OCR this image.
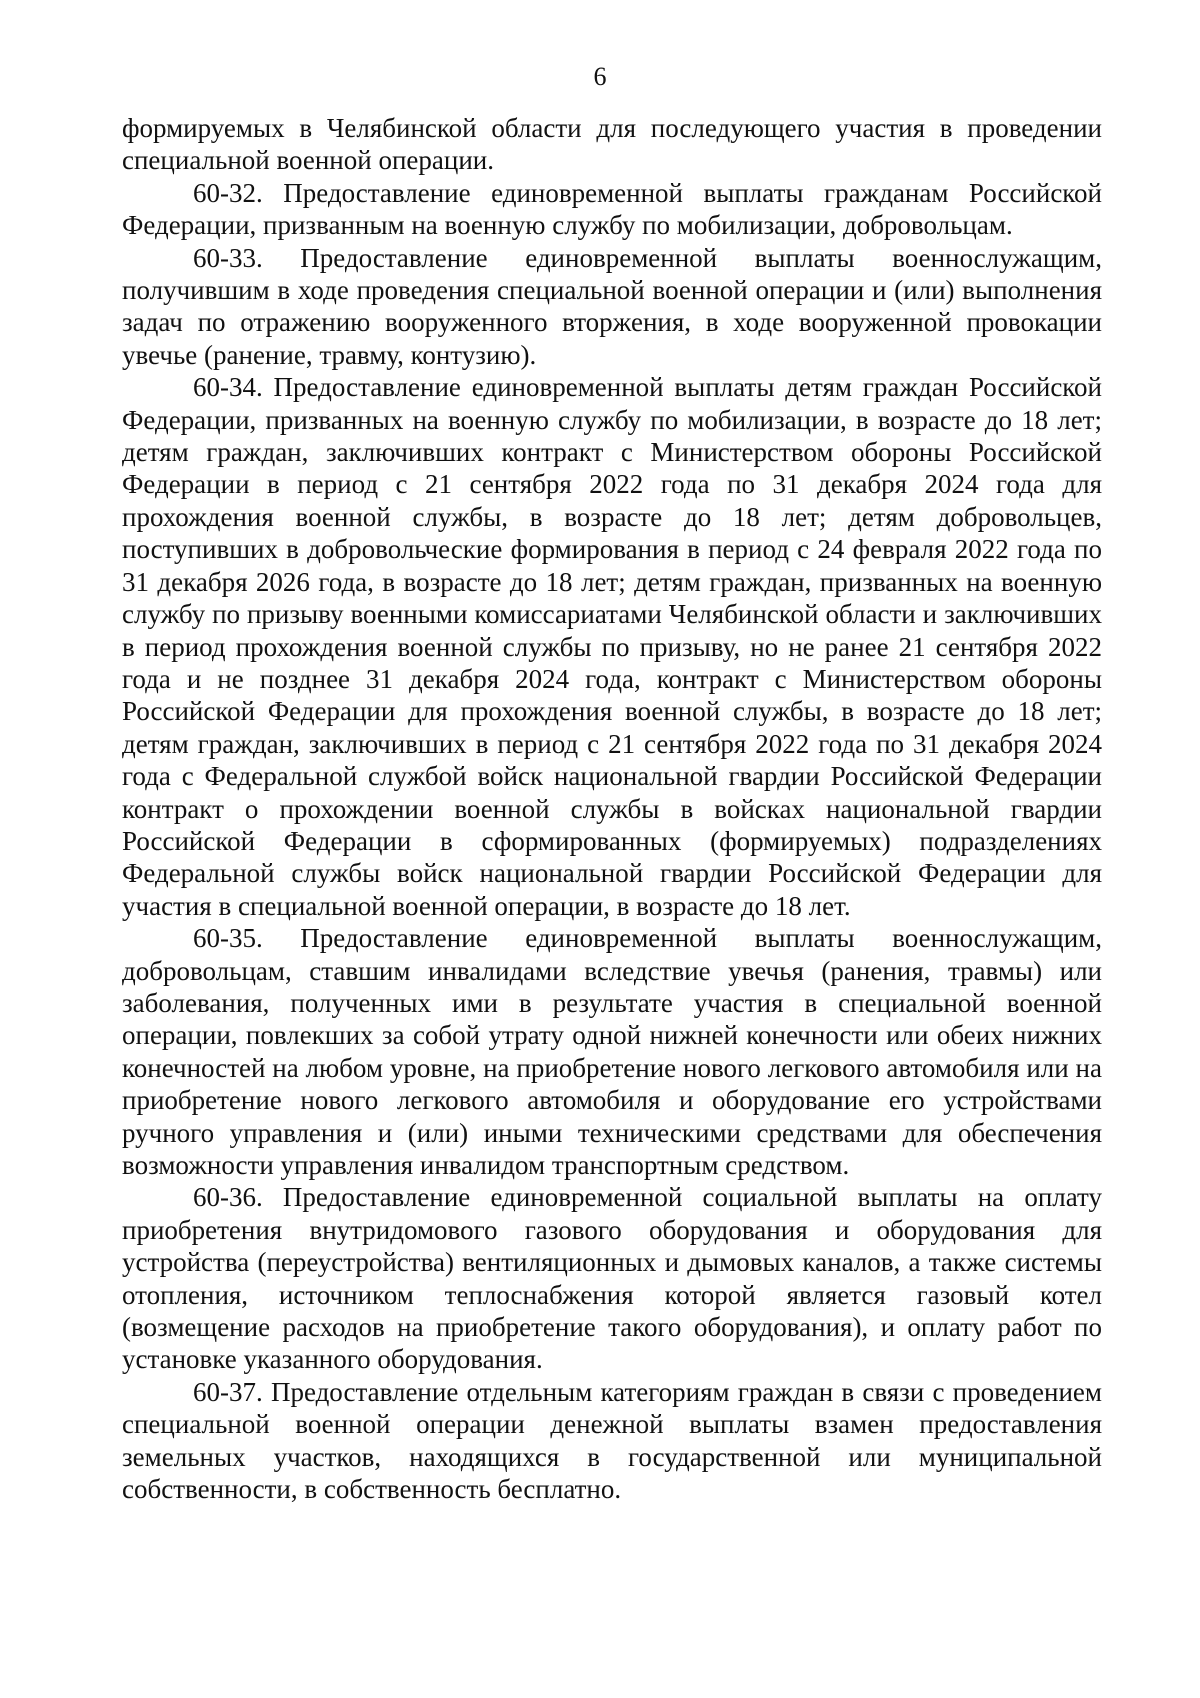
6

формируемых в Челябинской области для последующего участия в проведении специальной военной операции.

60-32. Предоставление единовременной выплаты гражданам Российской Федерации, призванным на военную службу по мобилизации, добровольцам.

60-33. Предоставление единовременной выплаты военнослужащим, получившим в ходе проведения специальной военной операции и (или) выполнения задач по отражению вооруженного вторжения, в ходе вооруженной провокации увечье (ранение, травму, контузию).

60-34. Предоставление единовременной выплаты детям граждан Российской Федерации, призванных на военную службу по мобилизации, в возрасте до 18 лет; детям граждан, заключивших контракт с Министерством обороны Российской Федерации в период с 21 сентября 2022 года по 31 декабря 2024 года для прохождения военной службы, в возрасте до 18 лет; детям добровольцев, поступивших в добровольческие формирования в период с 24 февраля 2022 года по 31 декабря 2026 года, в возрасте до 18 лет; детям граждан, призванных на военную службу по призыву военными комиссариатами Челябинской области и заключивших в период прохождения военной службы по призыву, но не ранее 21 сентября 2022 года и не позднее 31 декабря 2024 года, контракт с Министерством обороны Российской Федерации для прохождения военной службы, в возрасте до 18 лет; детям граждан, заключивших в период с 21 сентября 2022 года по 31 декабря 2024 года с Федеральной службой войск национальной гвардии Российской Федерации контракт о прохождении военной службы в войсках национальной гвардии Российской Федерации в сформированных (формируемых) подразделениях Федеральной службы войск национальной гвардии Российской Федерации для участия в специальной военной операции, в возрасте до 18 лет.

60-35. Предоставление единовременной выплаты военнослужащим, добровольцам, ставшим инвалидами вследствие увечья (ранения, травмы) или заболевания, полученных ими в результате участия в специальной военной операции, повлекших за собой утрату одной нижней конечности или обеих нижних конечностей на любом уровне, на приобретение нового легкового автомобиля или на приобретение нового легкового автомобиля и оборудование его устройствами ручного управления и (или) иными техническими средствами для обеспечения возможности управления инвалидом транспортным средством.

60-36. Предоставление единовременной социальной выплаты на оплату приобретения внутридомового газового оборудования и оборудования для устройства (переустройства) вентиляционных и дымовых каналов, а также системы отопления, источником теплоснабжения которой является газовый котел (возмещение расходов на приобретение такого оборудования), и оплату работ по установке указанного оборудования.

60-37. Предоставление отдельным категориям граждан в связи с проведением специальной военной операции денежной выплаты взамен предоставления земельных участков, находящихся в государственной или муниципальной собственности, в собственность бесплатно.
